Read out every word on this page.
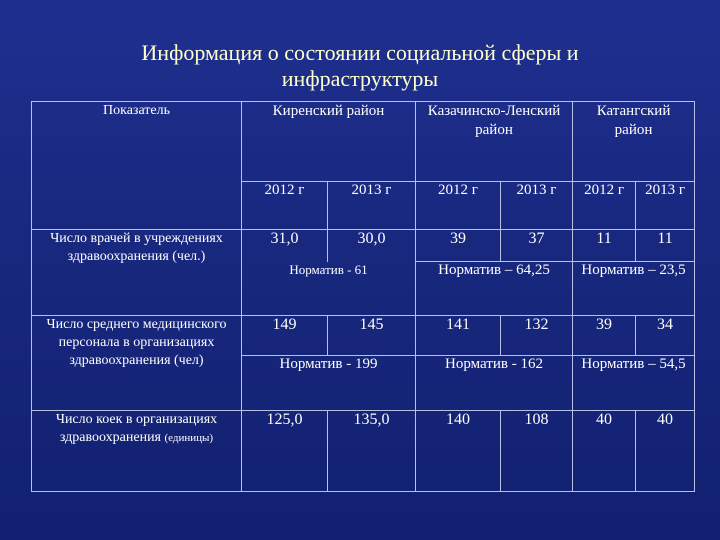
Информация о состоянии социальной сферы и
инфраструктуры
Показатель	Киренский район		Казачинско-Ленский район		Катангский район	
	2012 г	2013 г	2012 г	2013 г	2012 г	2013 г
Число врачей в учреждениях здравоохранения (чел.)	31,0	30,0	39	37	11	11
	Норматив - 61		Норматив – 64,25		Норматив – 23,5	
Число среднего медицинского персонала в организациях здравоохранения (чел)	149	145	141	132	39	34
	Норматив - 199		Норматив - 162		Норматив – 54,5	
Число коек в организациях здравоохранения (единицы)	125,0	135,0	140	108	40	40
